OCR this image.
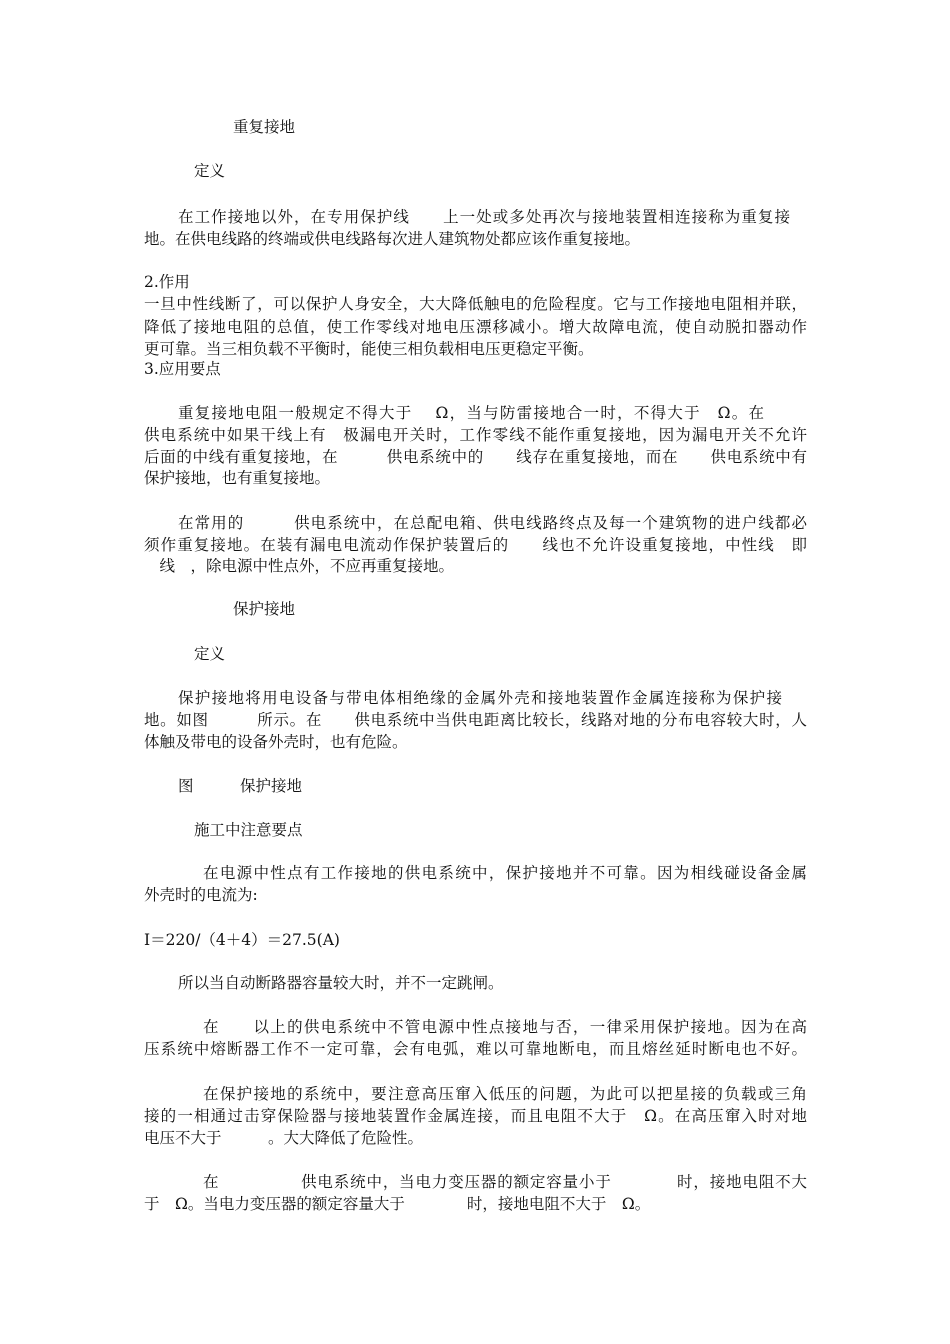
重复接地

定义

在工作接地以外，在专用保护线　　上一处或多处再次与接地装置相连接称为重复接

地。在供电线路的终端或供电线路每次进人建筑物处都应该作重复接地。

2.作用

一旦中性线断了，可以保护人身安全，大大降低触电的危险程度。它与工作接地电阻相并联，

降低了接地电阻的总值，使工作零线对地电压漂移减小。增大故障电流，使自动脱扣器动作

更可靠。当三相负载不平衡时，能使三相负载相电压更稳定平衡。

3.应用要点

重复接地电阻一般规定不得大于　 Ω，当与防雷接地合一时，不得大于　Ω。在

供电系统中如果干线上有　极漏电开关时，工作零线不能作重复接地，因为漏电开关不允许

后面的中线有重复接地，在　　　供电系统中的　　线存在重复接地，而在　　供电系统中有

保护接地，也有重复接地。

在常用的　　　供电系统中，在总配电箱、供电线路终点及每一个建筑物的进户线都必

须作重复接地。在装有漏电电流动作保护装置后的　　线也不允许设重复接地，中性线　即

　线　，除电源中性点外，不应再重复接地。

保护接地

定义

保护接地将用电设备与带电体相绝缘的金属外壳和接地装置作金属连接称为保护接

地。如图　　　所示。在　　供电系统中当供电距离比较长，线路对地的分布电容较大时，人

体触及带电的设备外壳时，也有危险。

图　　　保护接地

施工中注意要点

在电源中性点有工作接地的供电系统中，保护接地并不可靠。因为相线碰设备金属

外壳时的电流为:

I＝220/（4＋4）＝27.5(A)

所以当自动断路器容量较大时，并不一定跳闸。

在　　以上的供电系统中不管电源中性点接地与否，一律采用保护接地。因为在高

压系统中熔断器工作不一定可靠，会有电弧，难以可靠地断电，而且熔丝延时断电也不好。

在保护接地的系统中，要注意高压窜入低压的问题，为此可以把星接的负载或三角

接的一相通过击穿保险器与接地装置作金属连接，而且电阻不大于　Ω。在高压窜入时对地

电压不大于　　　。大大降低了危险性。

在　　　　　供电系统中，当电力变压器的额定容量小于　　　　时，接地电阻不大

于　Ω。当电力变压器的额定容量大于　　　　时，接地电阻不大于　Ω。
